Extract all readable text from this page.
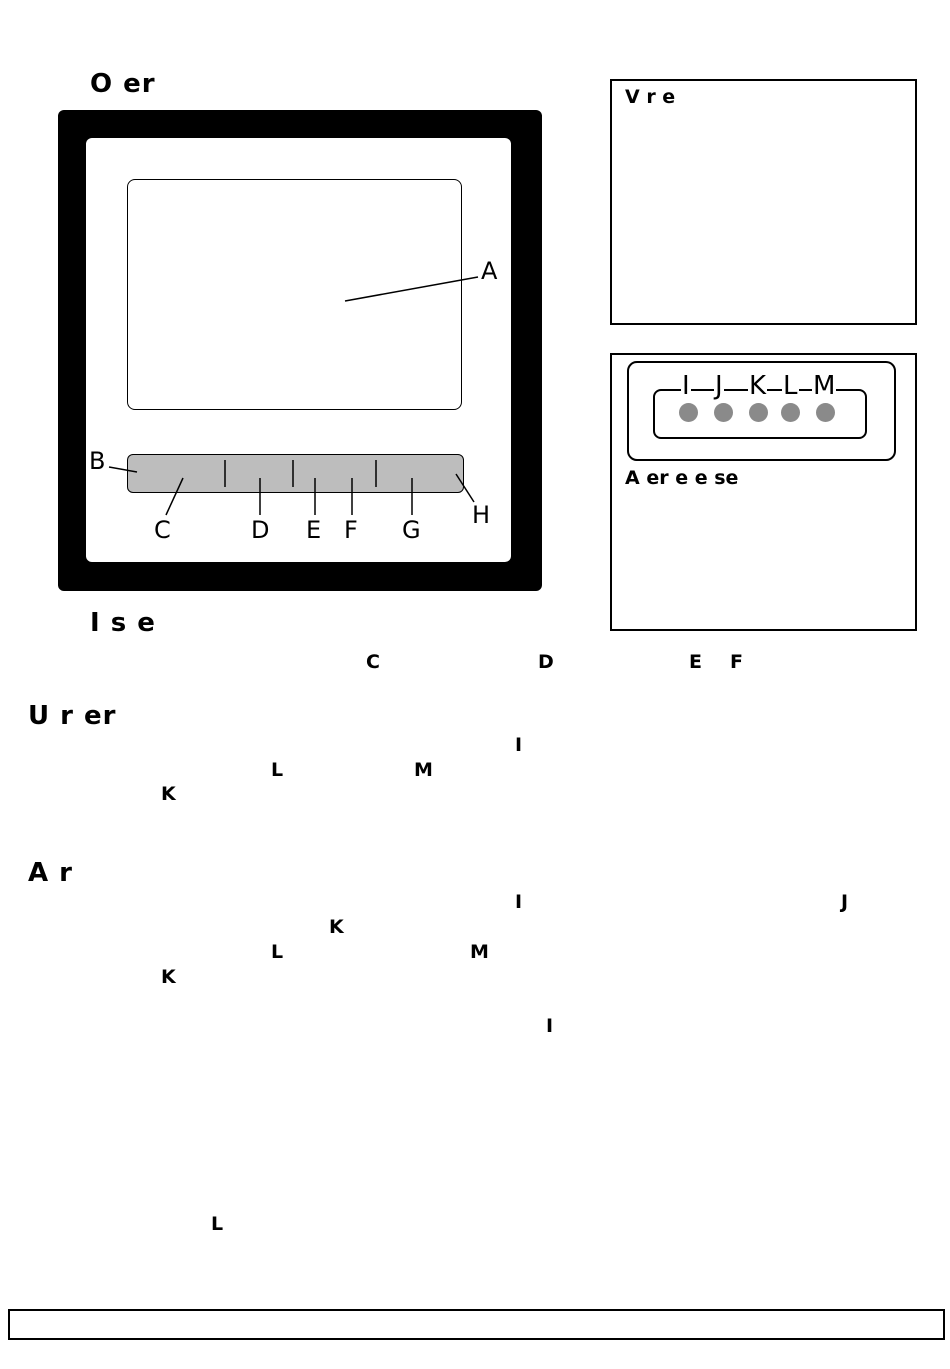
O er
A
B
C	D E F G
H
V r e
I J K L M
A er e e se
I s e
C	D	E F
U r er
I
L	M
K
A r
I	J
K
L	M
K
I
L
